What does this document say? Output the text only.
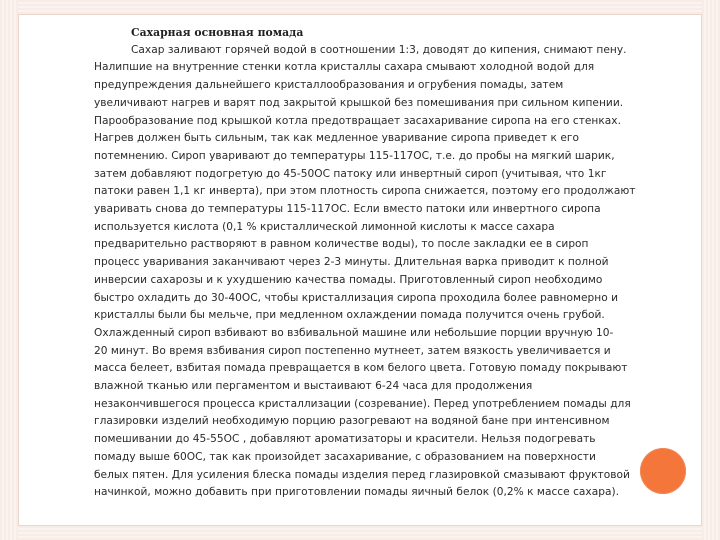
Сахарная основная помада
Сахар заливают горячей водой в соотношении 1:3, доводят до кипения, снимают пену.
Налипшие на внутренние стенки котла кристаллы сахара смывают холодной водой для
предупреждения дальнейшего кристаллообразования и огрубения помады, затем
увеличивают нагрев и варят под закрытой крышкой без помешивания при сильном кипении.
Парообразование под крышкой котла предотвращает засахаривание сиропа на его стенках.
Нагрев должен быть сильным, так как медленное уваривание сиропа приведет к его
потемнению. Сироп уваривают до температуры 115-117ОС, т.е. до пробы на мягкий шарик,
затем добавляют подогретую до 45-50ОС патоку или инвертный сироп (учитывая, что 1кг
патоки равен 1,1 кг инверта), при этом плотность сиропа снижается, поэтому его продолжают
уваривать снова до температуры 115-117ОС. Если вместо патоки или инвертного сиропа
используется кислота (0,1 % кристаллической лимонной кислоты к массе сахара
предварительно растворяют в равном количестве воды), то после закладки ее в сироп
процесс уваривания заканчивают через 2-3 минуты. Длительная варка приводит к полной
инверсии сахарозы и к ухудшению качества помады. Приготовленный сироп необходимо
быстро охладить до 30-40ОС, чтобы кристаллизация сиропа проходила более равномерно и
кристаллы были бы мельче, при медленном охлаждении помада получится очень грубой.
Охлажденный сироп взбивают во взбивальной машине или небольшие порции вручную 10-
20 минут. Во время взбивания сироп постепенно мутнеет, затем вязкость увеличивается и
масса белеет, взбитая помада превращается в ком белого цвета. Готовую помаду покрывают
влажной тканью или пергаментом и выстаивают 6-24 часа для продолжения
незакончившегося процесса кристаллизации (созревание). Перед употреблением помады для
глазировки изделий необходимую порцию разогревают на водяной бане при интенсивном
помешивании до 45-55ОС , добавляют ароматизаторы и красители. Нельзя подогревать
помаду выше 60ОС, так как произойдет засахаривание, с образованием на поверхности
белых пятен. Для усиления блеска помады изделия перед глазировкой смазывают фруктовой
начинкой, можно добавить при приготовлении помады яичный белок (0,2% к массе сахара).
